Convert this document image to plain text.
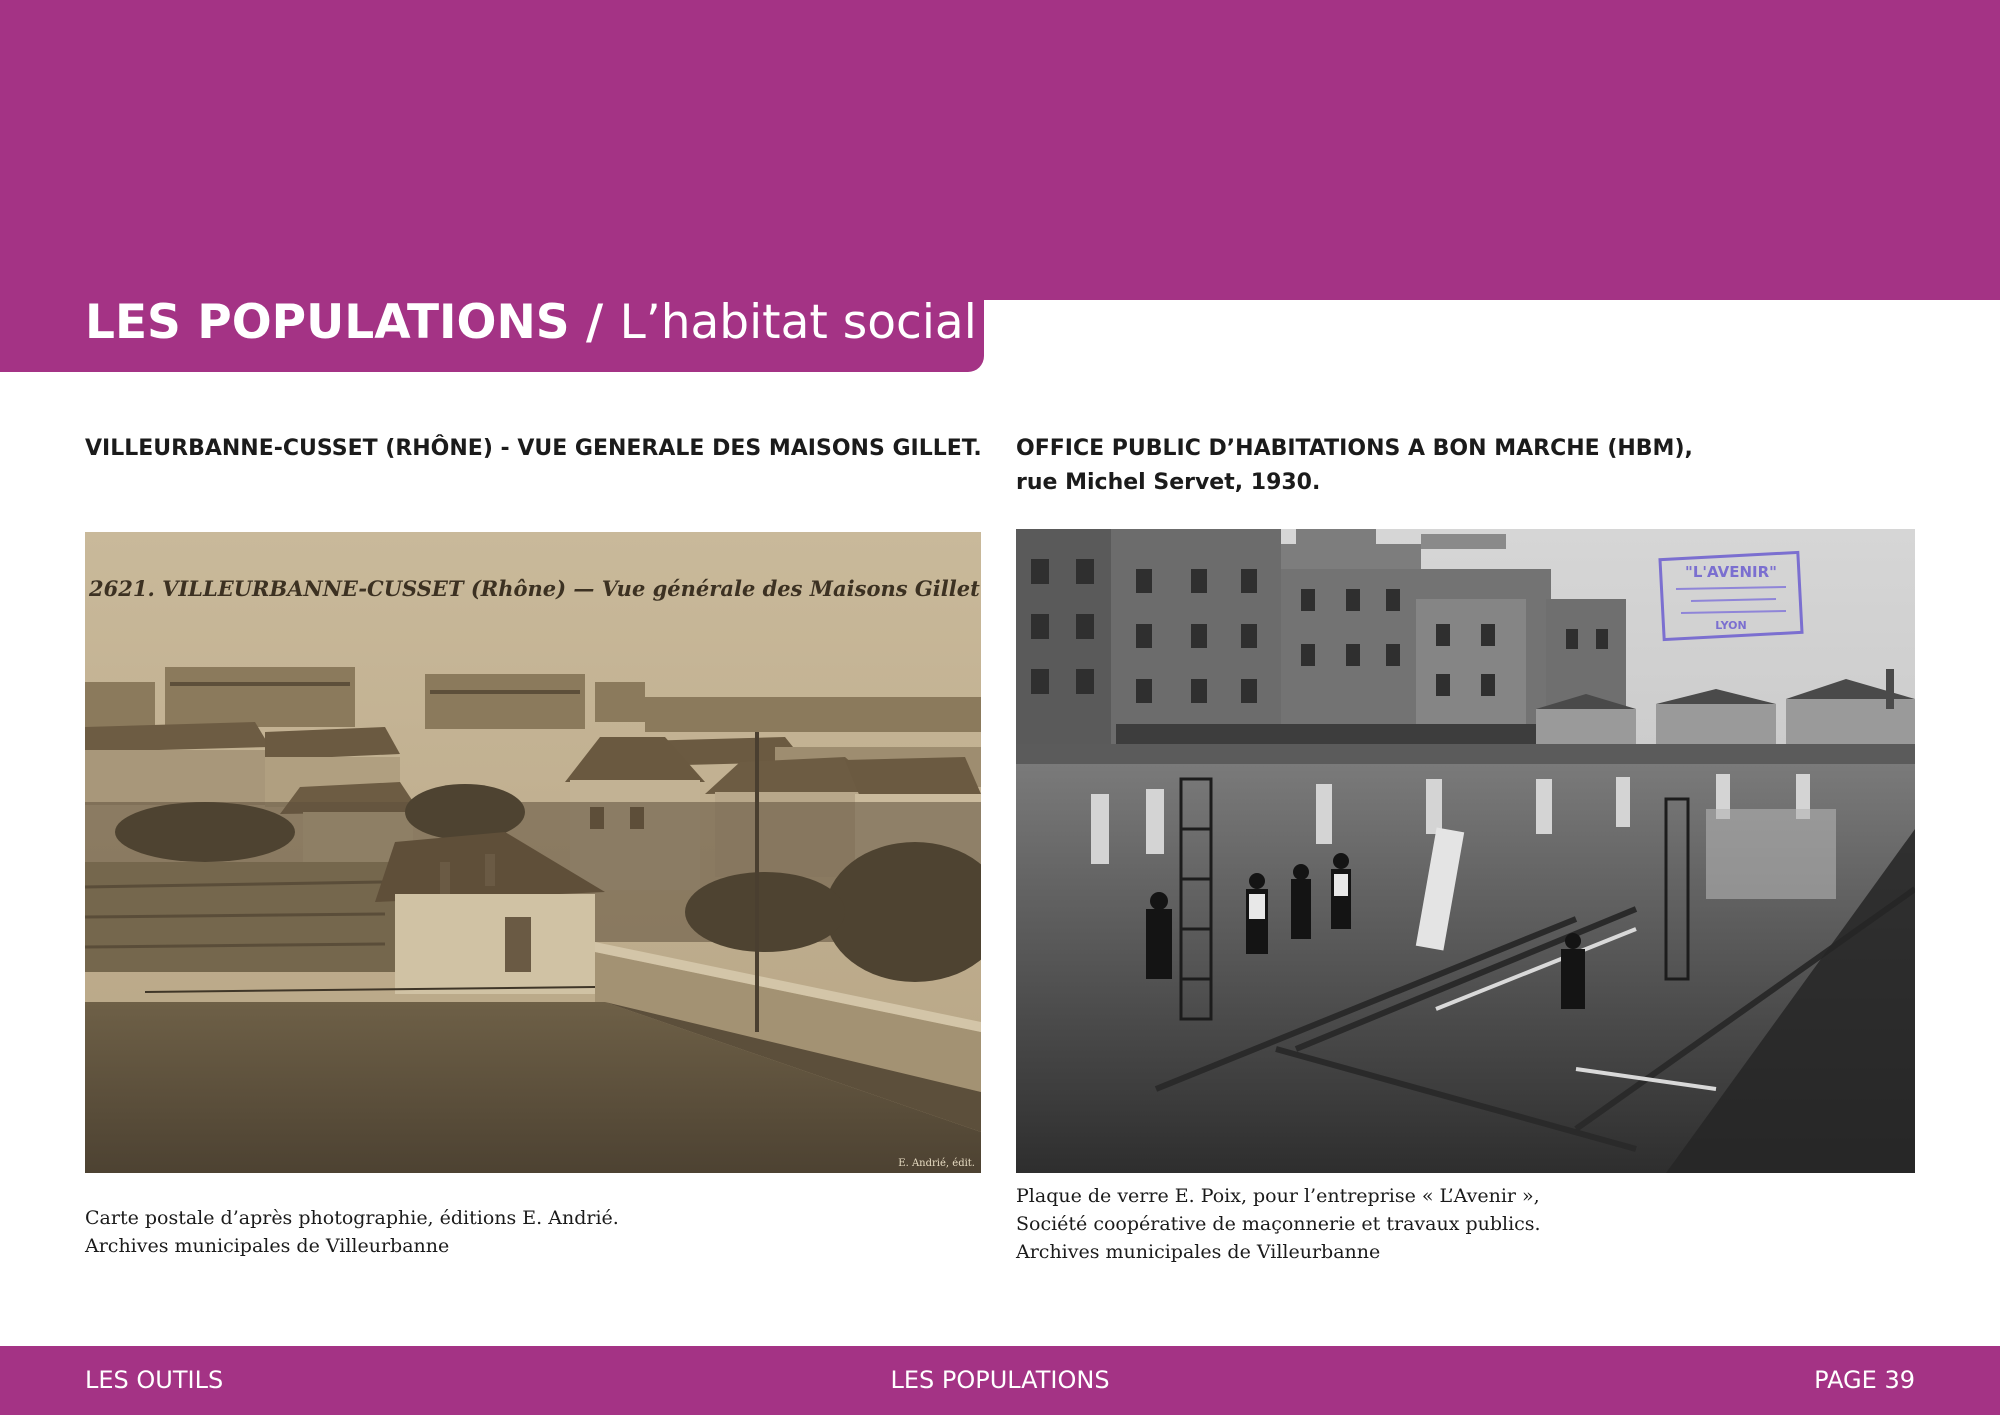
LES POPULATIONS / L’habitat social

VILLEURBANNE-CUSSET (RHÔNE) - VUE GENERALE DES MAISONS GILLET.

2621. VILLEURBANNE-CUSSET (Rhône) — Vue générale des Maisons Gillet
E. Andrié, édit.

Carte postale d’après photographie, éditions E. Andrié.

Archives municipales de Villeurbanne

OFFICE PUBLIC D’HABITATIONS A BON MARCHE (HBM),

rue Michel Servet, 1930.

"L'AVENIR"
LYON

Plaque de verre E. Poix, pour l’entreprise « L’Avenir »,

Société coopérative de maçonnerie et travaux publics.

Archives municipales de Villeurbanne

LES OUTILS	LES POPULATIONS	PAGE 39
